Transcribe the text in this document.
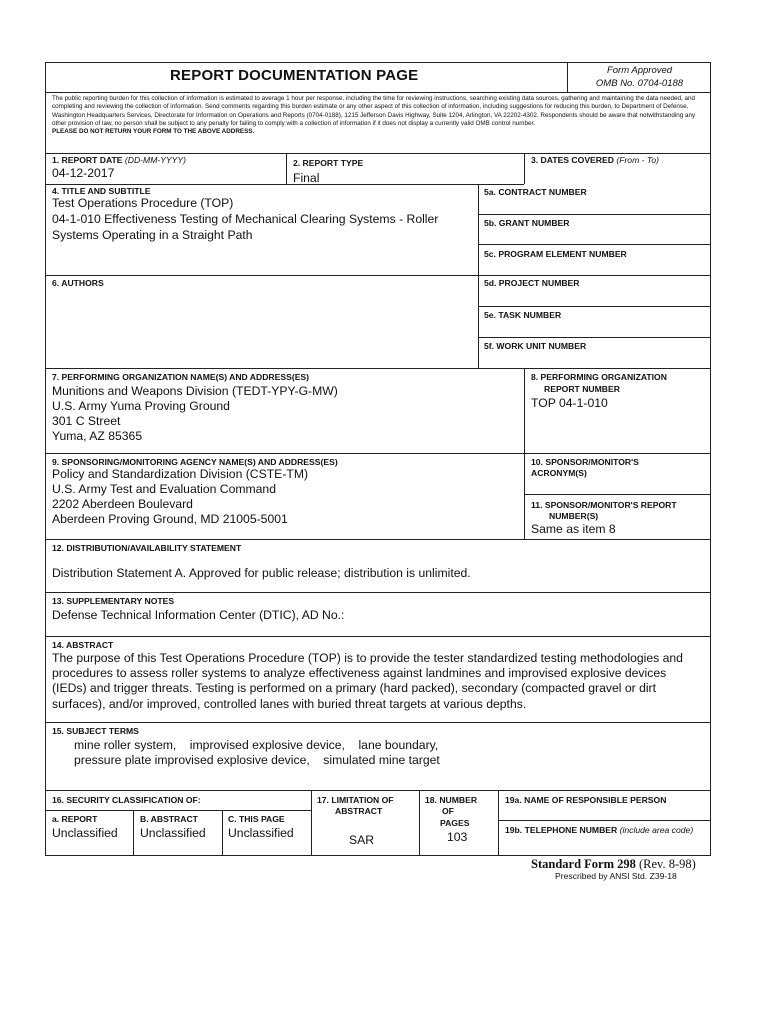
REPORT DOCUMENTATION PAGE	Form Approved
OMB No. 0704-0188
The public reporting burden for this collection of information is estimated to average 1 hour per response, including the time for reviewing instructions, searching existing data sources, gathering and maintaining the data needed, and completing and reviewing the collection of information. Send comments regarding this burden estimate or any other aspect of this collection of information, including suggestions for reducing this burden, to Department of Defense, Washington Headquarters Services, Directorate for Information on Operations and Reports (0704-0188), 1215 Jefferson Davis Highway, Suite 1204, Arlington, VA 22202-4302. Respondents should be aware that notwithstanding any other provision of law, no person shall be subject to any penalty for failing to comply with a collection of information if it does not display a currently valid OMB control number.
PLEASE DO NOT RETURN YOUR FORM TO THE ABOVE ADDRESS.
1. REPORT DATE (DD-MM-YYYY)
04-12-2017
2. REPORT TYPE
Final
3. DATES COVERED (From - To)
4. TITLE AND SUBTITLE
Test Operations Procedure (TOP)
04-1-010 Effectiveness Testing of Mechanical Clearing Systems - Roller
Systems Operating in a Straight Path
5a. CONTRACT NUMBER
5b. GRANT NUMBER
5c. PROGRAM ELEMENT NUMBER
6. AUTHORS	5d. PROJECT NUMBER
5e. TASK NUMBER
5f. WORK UNIT NUMBER
7. PERFORMING ORGANIZATION NAME(S) AND ADDRESS(ES)
Munitions and Weapons Division (TEDT-YPY-G-MW)
U.S. Army Yuma Proving Ground
301 C Street
Yuma, AZ 85365
8. PERFORMING ORGANIZATION
REPORT NUMBER
TOP 04-1-010
9. SPONSORING/MONITORING AGENCY NAME(S) AND ADDRESS(ES)
Policy and Standardization Division (CSTE-TM)
U.S. Army Test and Evaluation Command
2202 Aberdeen Boulevard
Aberdeen Proving Ground, MD 21005-5001
10. SPONSOR/MONITOR'S
ACRONYM(S)
11. SPONSOR/MONITOR'S REPORT
NUMBER(S)
Same as item 8
12. DISTRIBUTION/AVAILABILITY STATEMENT
Distribution Statement A. Approved for public release; distribution is unlimited.
13. SUPPLEMENTARY NOTES
Defense Technical Information Center (DTIC), AD No.:
14. ABSTRACT
The purpose of this Test Operations Procedure (TOP) is to provide the tester standardized testing methodologies and
procedures to assess roller systems to analyze effectiveness against landmines and improvised explosive devices
(IEDs) and trigger threats. Testing is performed on a primary (hard packed), secondary (compacted gravel or dirt
surfaces), and/or improved, controlled lanes with buried threat targets at various depths.
15. SUBJECT TERMS
mine roller system,    improvised explosive device,    lane boundary,
pressure plate improvised explosive device,    simulated mine target
16. SECURITY CLASSIFICATION OF:
a. REPORT
Unclassified
B. ABSTRACT
Unclassified
C. THIS PAGE
Unclassified
17. LIMITATION OF
ABSTRACT
SAR
18. NUMBER
OF
PAGES
103
19a. NAME OF RESPONSIBLE PERSON
19b. TELEPHONE NUMBER (include area code)
Standard Form 298 (Rev. 8-98)
Prescribed by ANSI Std. Z39-18
